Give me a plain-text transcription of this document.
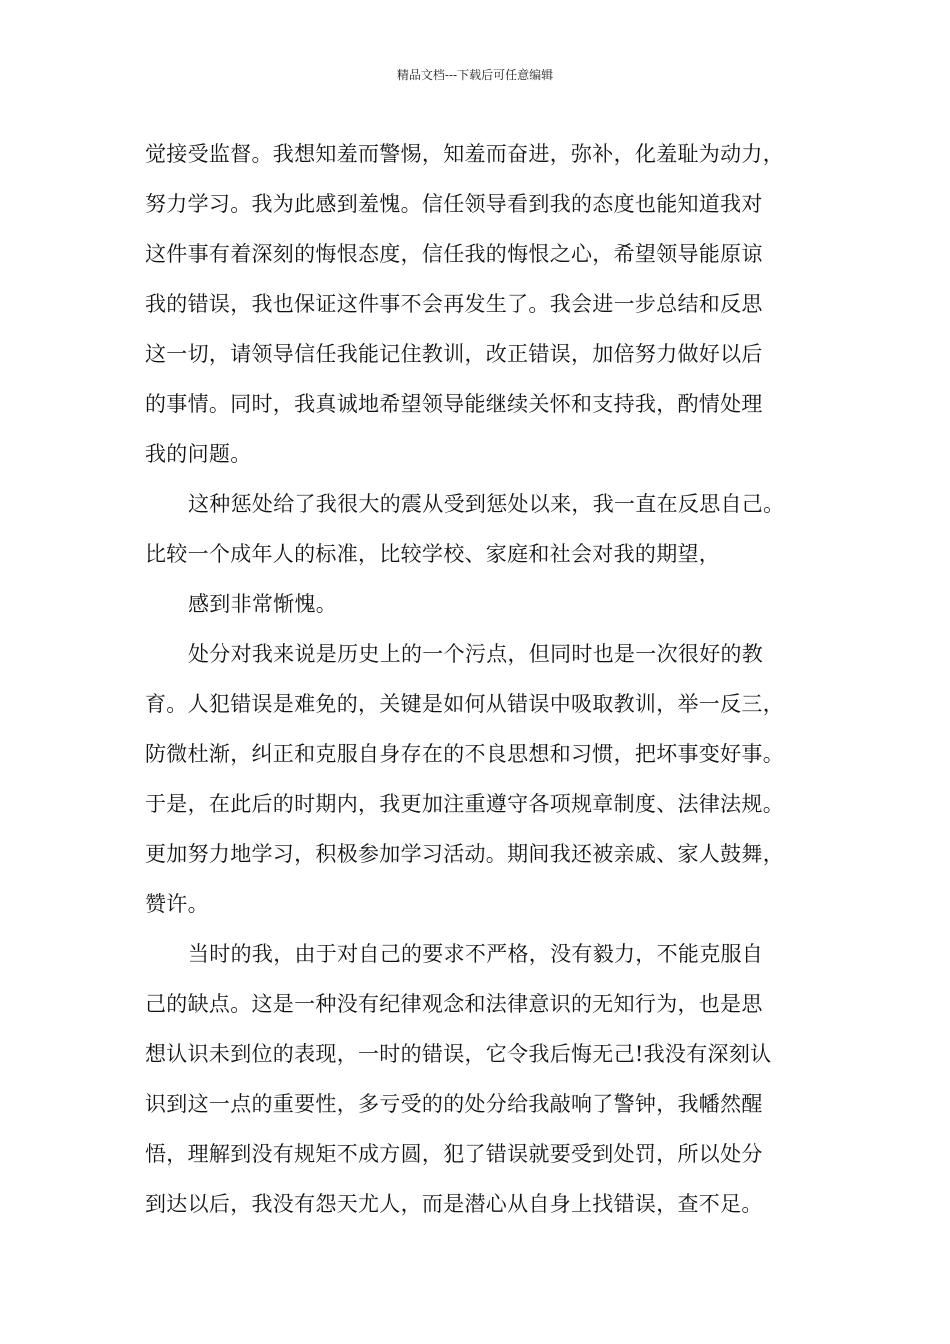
精品文档---下载后可任意编辑
觉接受监督。我想知羞而警惕，知羞而奋进，弥补，化羞耻为动力，
努力学习。我为此感到羞愧。信任领导看到我的态度也能知道我对
这件事有着深刻的悔恨态度，信任我的悔恨之心，希望领导能原谅
我的错误，我也保证这件事不会再发生了。我会进一步总结和反思
这一切，请领导信任我能记住教训，改正错误，加倍努力做好以后
的事情。同时，我真诚地希望领导能继续关怀和支持我，酌情处理
我的问题。
这种惩处给了我很大的震从受到惩处以来，我一直在反思自己。
比较一个成年人的标准，比较学校、家庭和社会对我的期望，
感到非常惭愧。
处分对我来说是历史上的一个污点，但同时也是一次很好的教
育。人犯错误是难免的，关键是如何从错误中吸取教训，举一反三，
防微杜渐，纠正和克服自身存在的不良思想和习惯，把坏事变好事。
于是，在此后的时期内，我更加注重遵守各项规章制度、法律法规。
更加努力地学习，积极参加学习活动。期间我还被亲戚、家人鼓舞，
赞许。
当时的我，由于对自己的要求不严格，没有毅力，不能克服自
己的缺点。这是一种没有纪律观念和法律意识的无知行为，也是思
想认识未到位的表现，一时的错误，它令我后悔无己!我没有深刻认
识到这一点的重要性，多亏受的的处分给我敲响了警钟，我幡然醒
悟，理解到没有规矩不成方圆，犯了错误就要受到处罚，所以处分
到达以后，我没有怨天尤人，而是潜心从自身上找错误，查不足。
